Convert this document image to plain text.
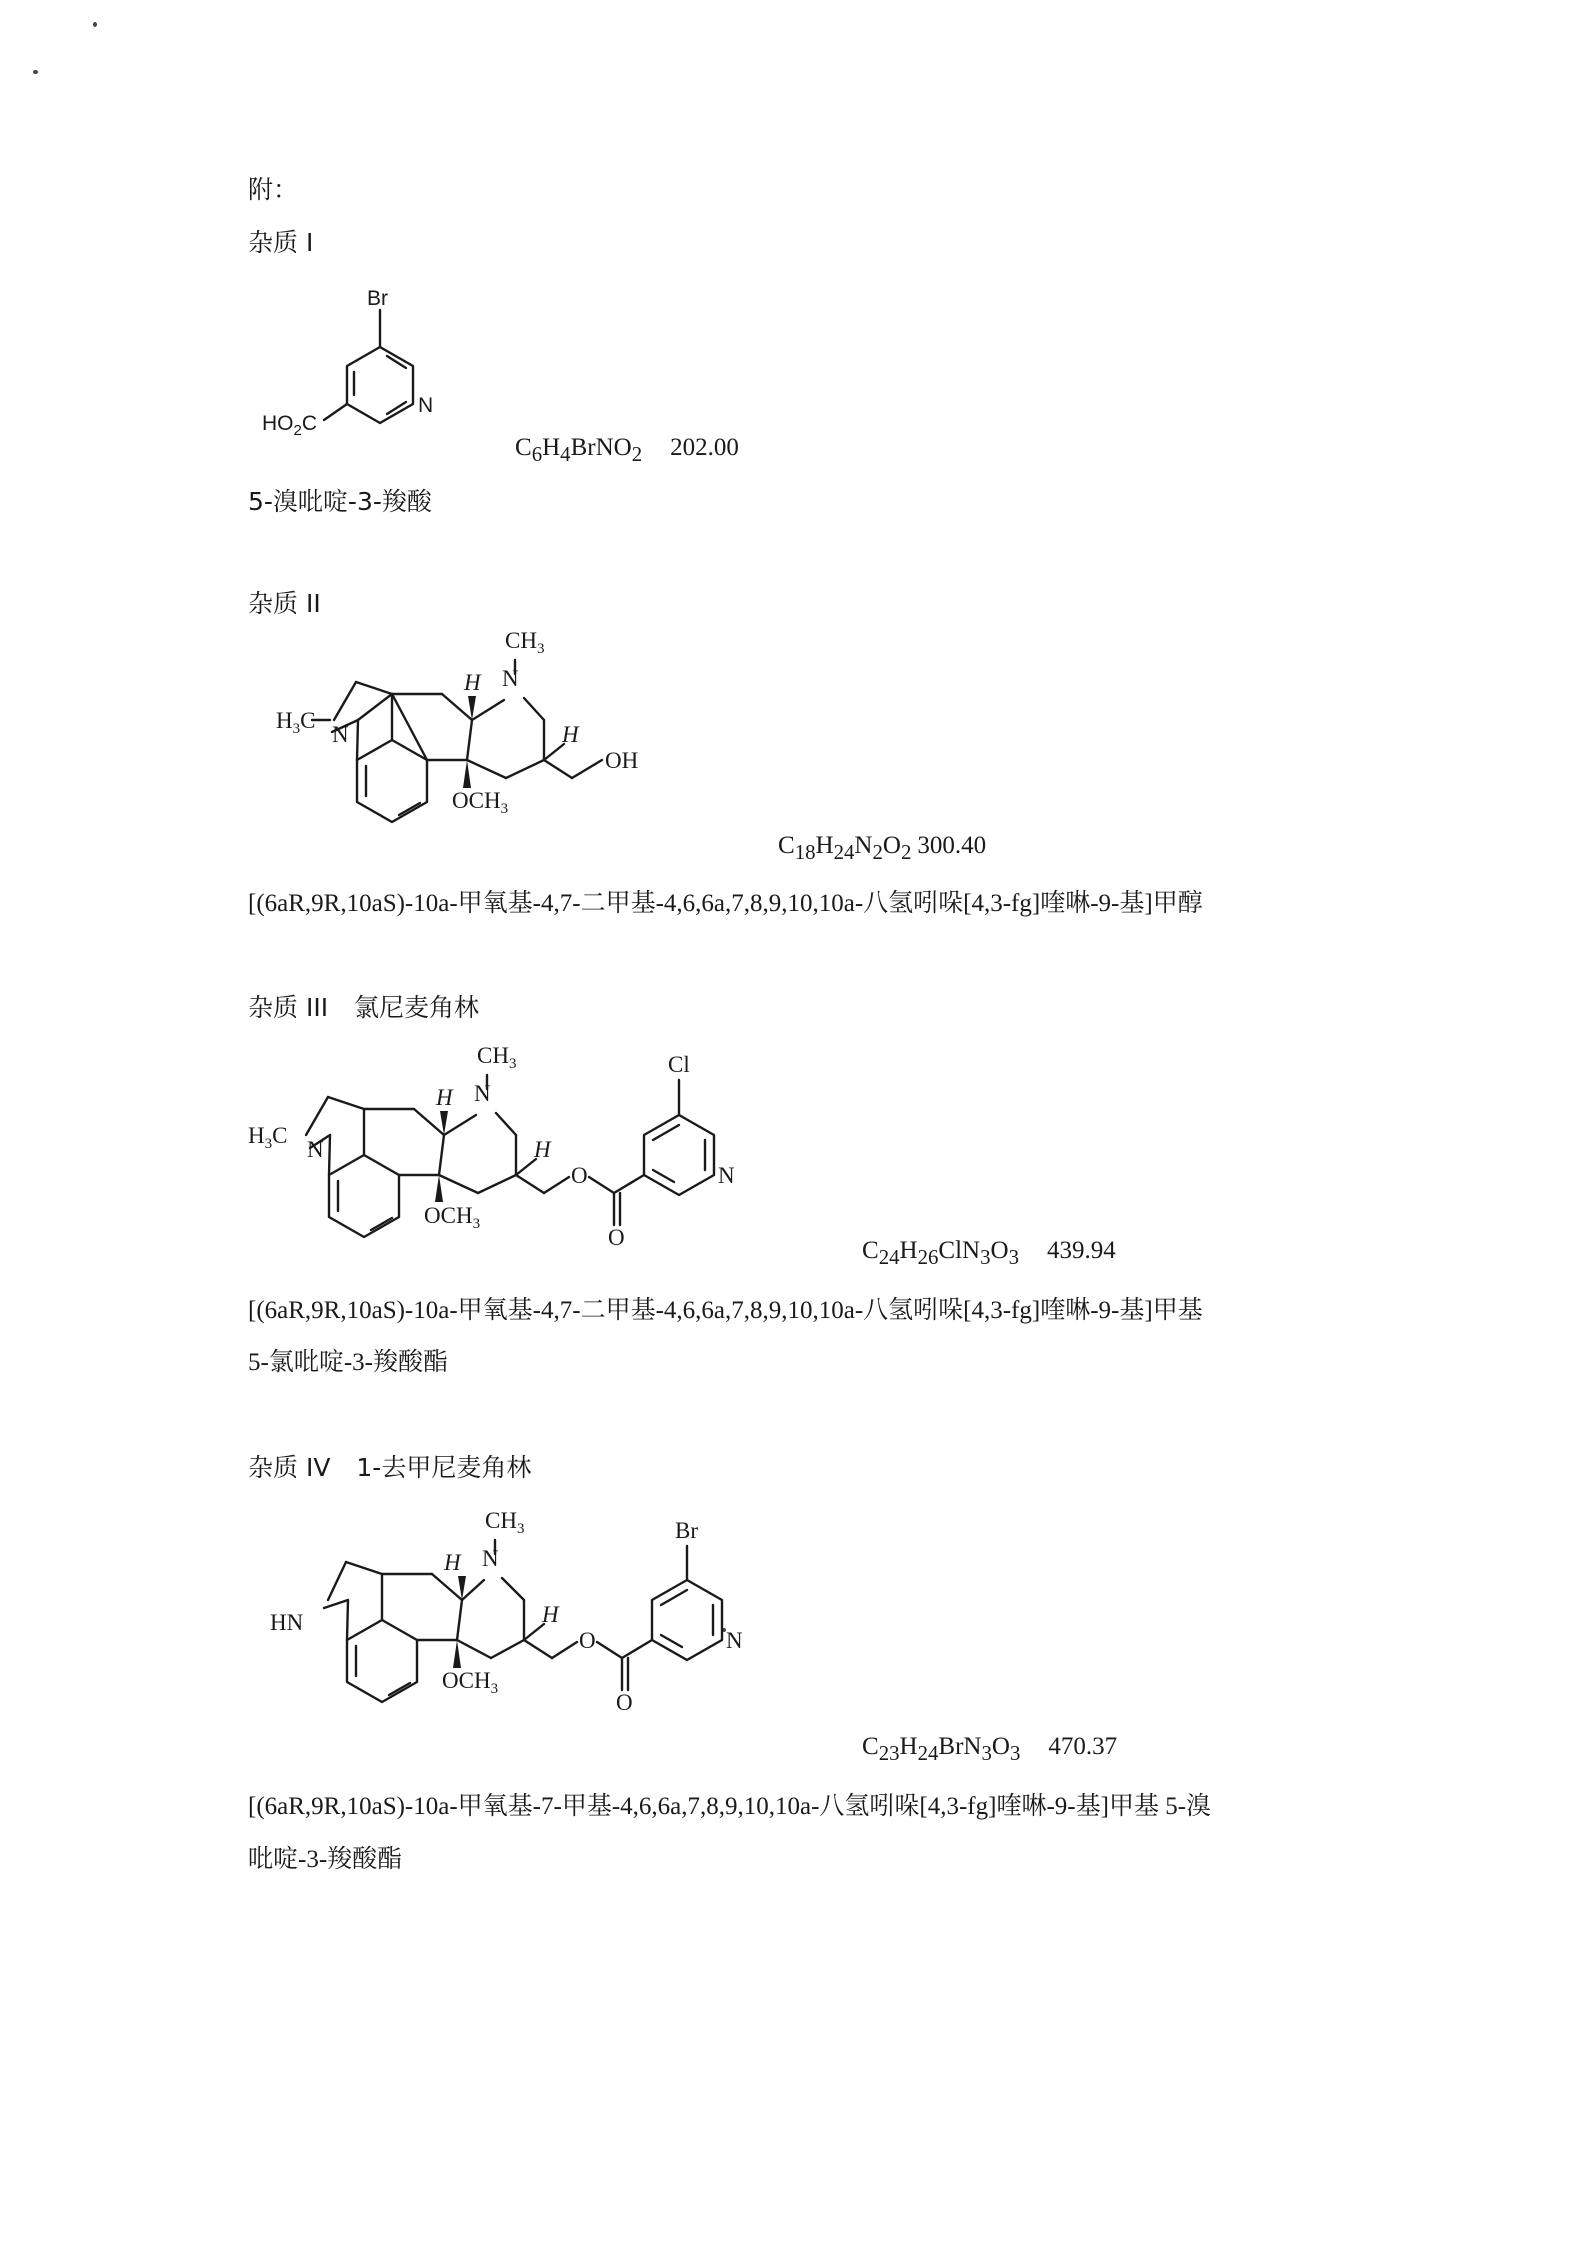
附：
杂质 I
Br
N
$HO_2C$
$C_6H_4BrNO_2$ 202.00
5-溴吡啶-3-羧酸
杂质 II
$CH_3$
N
H
H
OH
N
$H_3C$
$OCH_3$
$C_{18}H_{24}N_2O_2$ 300.40
[(6aR,9R,10aS)-10a-甲氧基-4,7-二甲基-4,6,6a,7,8,9,10,10a-八氢吲哚[4,3-fg]喹啉-9-基]甲醇
杂质 III 氯尼麦角林
$CH_3$
N
H
H
O
O
Cl
N
N
$H_3C$
$OCH_3$
$C_{24}H_{26}ClN_3O_3$ 439.94
[(6aR,9R,10aS)-10a-甲氧基-4,7-二甲基-4,6,6a,7,8,9,10,10a-八氢吲哚[4,3-fg]喹啉-9-基]甲基
5-氯吡啶-3-羧酸酯
杂质 IV 1-去甲尼麦角林
$CH_3$
N
H
H
O
O
Br
N
HN
$OCH_3$
$C_{23}H_{24}BrN_3O_3$ 470.37
[(6aR,9R,10aS)-10a-甲氧基-7-甲基-4,6,6a,7,8,9,10,10a-八氢吲哚[4,3-fg]喹啉-9-基]甲基 5-溴
吡啶-3-羧酸酯
